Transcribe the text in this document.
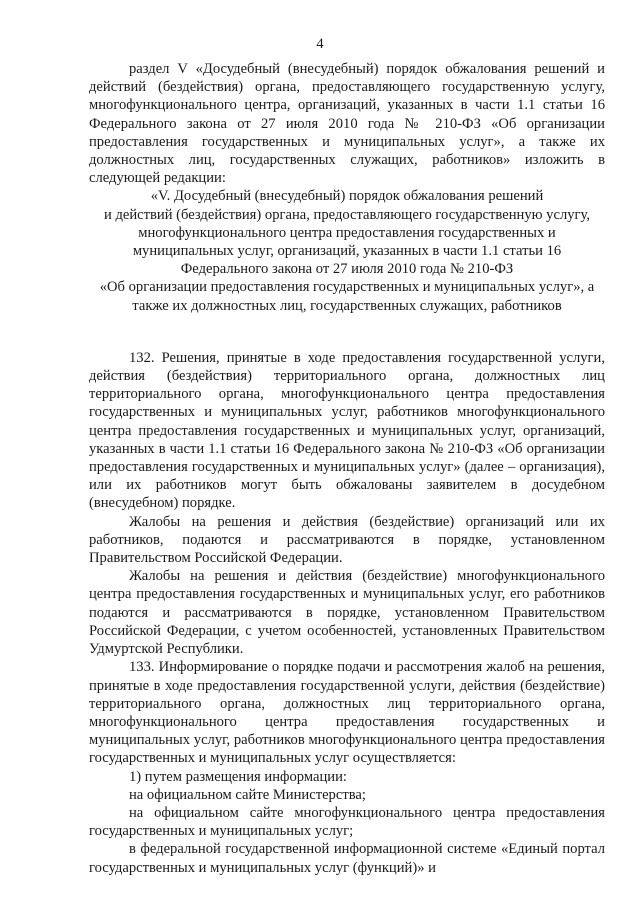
4

раздел V «Досудебный (внесудебный) порядок обжалования решений и действий (бездействия) органа, предоставляющего государственную услугу, многофункционального центра, организаций, указанных в части 1.1 статьи 16 Федерального закона от 27 июля 2010 года № 210-ФЗ «Об организации предоставления государственных и муниципальных услуг», а также их должностных лиц, государственных служащих, работников» изложить в следующей редакции:

«V. Досудебный (внесудебный) порядок обжалования решений

и действий (бездействия) органа, предоставляющего государственную услугу,

многофункционального центра предоставления государственных и

муниципальных услуг, организаций, указанных в части 1.1 статьи 16

Федерального закона от 27 июля 2010 года № 210-ФЗ

«Об организации предоставления государственных и муниципальных услуг», а

также их должностных лиц, государственных служащих, работников

132. Решения, принятые в ходе предоставления государственной услуги, действия (бездействия) территориального органа, должностных лиц территориального органа, многофункционального центра предоставления государственных и муниципальных услуг, работников многофункционального центра предоставления государственных и муниципальных услуг, организаций, указанных в части 1.1 статьи 16 Федерального закона № 210-ФЗ «Об организации предоставления государственных и муниципальных услуг» (далее – организация), или их работников могут быть обжалованы заявителем в досудебном (внесудебном) порядке.

Жалобы на решения и действия (бездействие) организаций или их работников, подаются и рассматриваются в порядке, установленном Правительством Российской Федерации.

Жалобы на решения и действия (бездействие) многофункционального центра предоставления государственных и муниципальных услуг, его работников подаются и рассматриваются в порядке, установленном Правительством Российской Федерации, с учетом особенностей, установленных Правительством Удмуртской Республики.

133. Информирование о порядке подачи и рассмотрения жалоб на решения, принятые в ходе предоставления государственной услуги, действия (бездействие) территориального органа, должностных лиц территориального органа, многофункционального центра предоставления государственных и муниципальных услуг, работников многофункционального центра предоставления государственных и муниципальных услуг осуществляется:

1) путем размещения информации:

на официальном сайте Министерства;

на официальном сайте многофункционального центра предоставления государственных и муниципальных услуг;

в федеральной государственной информационной системе «Единый портал государственных и муниципальных услуг (функций)» и
